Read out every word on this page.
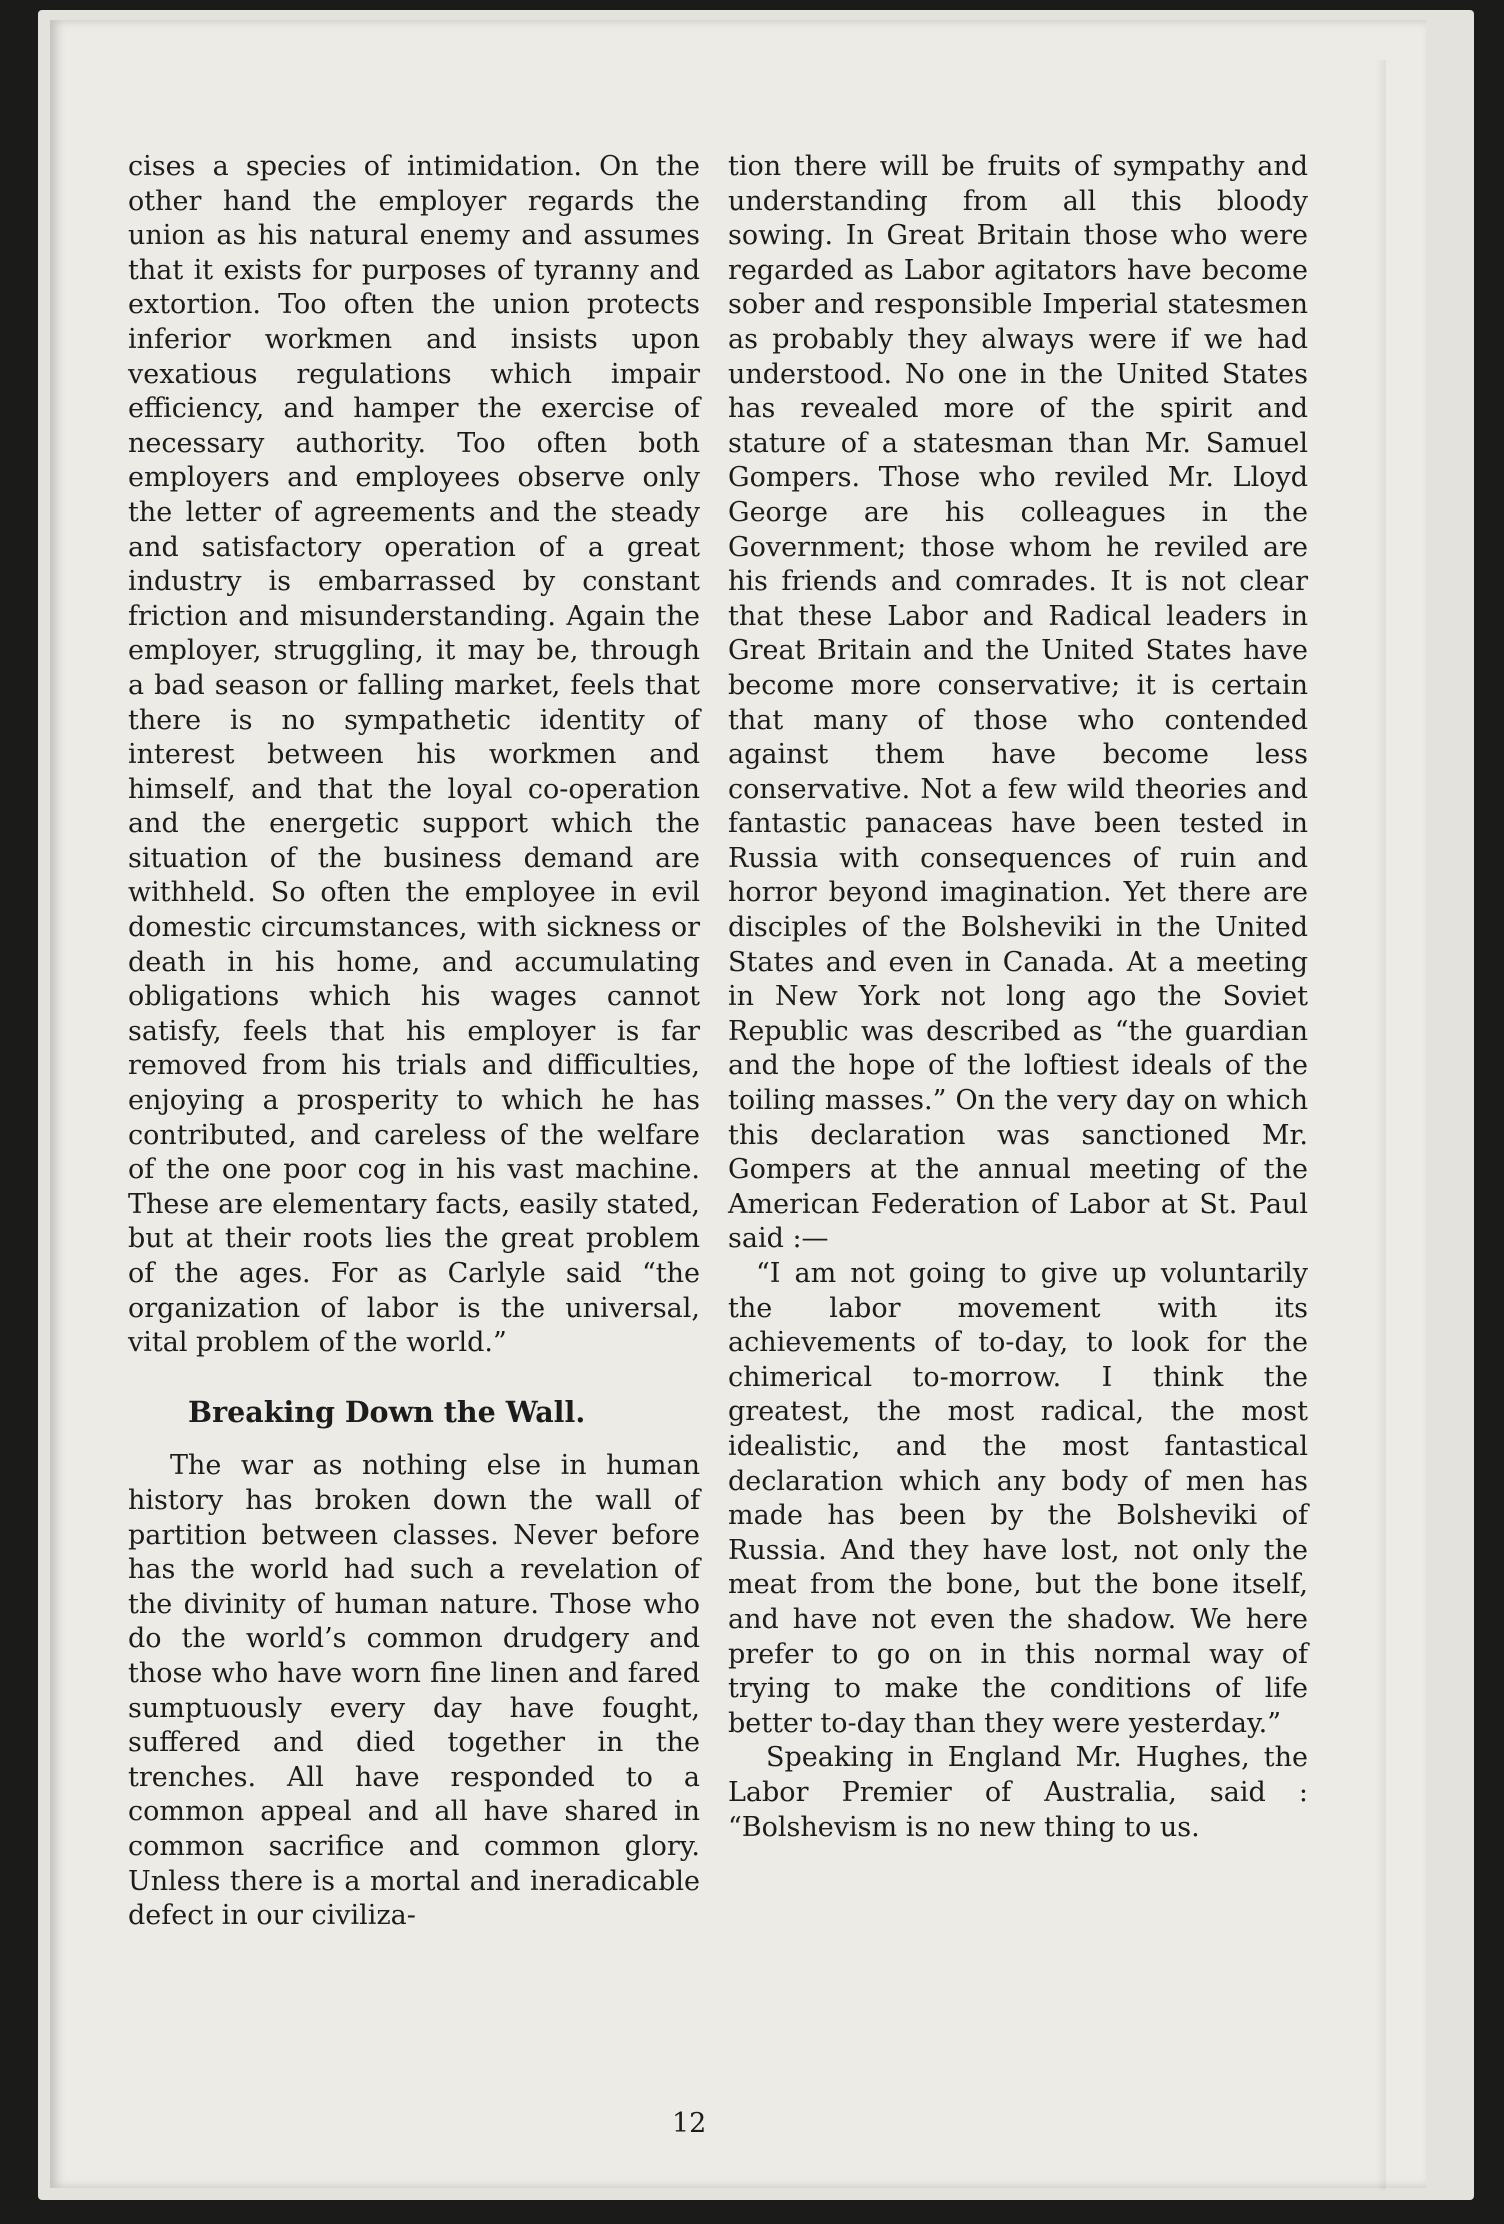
cises a species of intimidation. On the other hand the employer regards the union as his natural enemy and assumes that it exists for purposes of tyranny and extortion. Too often the union protects inferior workmen and insists upon vexatious regulations which impair efficiency, and hamper the exercise of necessary authority. Too often both employers and employees observe only the letter of agreements and the steady and satisfactory operation of a great industry is embarrassed by constant friction and misunderstanding. Again the employer, struggling, it may be, through a bad season or falling market, feels that there is no sympathetic identity of interest between his workmen and himself, and that the loyal co-operation and the energetic support which the situation of the business demand are withheld. So often the employee in evil domestic circumstances, with sickness or death in his home, and accumulating obligations which his wages cannot satisfy, feels that his employer is far removed from his trials and difficulties, enjoying a prosperity to which he has contributed, and careless of the welfare of the one poor cog in his vast machine. These are elementary facts, easily stated, but at their roots lies the great problem of the ages. For as Carlyle said “the organization of labor is the universal, vital problem of the world.”

Breaking Down the Wall.

The war as nothing else in human history has broken down the wall of partition between classes. Never before has the world had such a revelation of the divinity of human nature. Those who do the world’s common drudgery and those who have worn fine linen and fared sumptuously every day have fought, suffered and died together in the trenches. All have responded to a common appeal and all have shared in common sacrifice and common glory. Unless there is a mortal and ineradicable defect in our civiliza-

tion there will be fruits of sympathy and understanding from all this bloody sowing. In Great Britain those who were regarded as Labor agitators have become sober and responsible Imperial statesmen as probably they always were if we had understood. No one in the United States has revealed more of the spirit and stature of a statesman than Mr. Samuel Gompers. Those who reviled Mr. Lloyd George are his colleagues in the Government; those whom he reviled are his friends and comrades. It is not clear that these Labor and Radical leaders in Great Britain and the United States have become more conservative; it is certain that many of those who contended against them have become less conservative. Not a few wild theories and fantastic panaceas have been tested in Russia with consequences of ruin and horror beyond imagination. Yet there are disciples of the Bolsheviki in the United States and even in Canada. At a meeting in New York not long ago the Soviet Republic was described as “the guardian and the hope of the loftiest ideals of the toiling masses.” On the very day on which this declaration was sanctioned Mr. Gompers at the annual meeting of the American Federation of Labor at St. Paul said :—

“I am not going to give up voluntarily the labor movement with its achievements of to-day, to look for the chimerical to-morrow. I think the greatest, the most radical, the most idealistic, and the most fantastical declaration which any body of men has made has been by the Bolsheviki of Russia. And they have lost, not only the meat from the bone, but the bone itself, and have not even the shadow. We here prefer to go on in this normal way of trying to make the conditions of life better to-day than they were yesterday.”

Speaking in England Mr. Hughes, the Labor Premier of Australia, said : “Bolshevism is no new thing to us.

12
